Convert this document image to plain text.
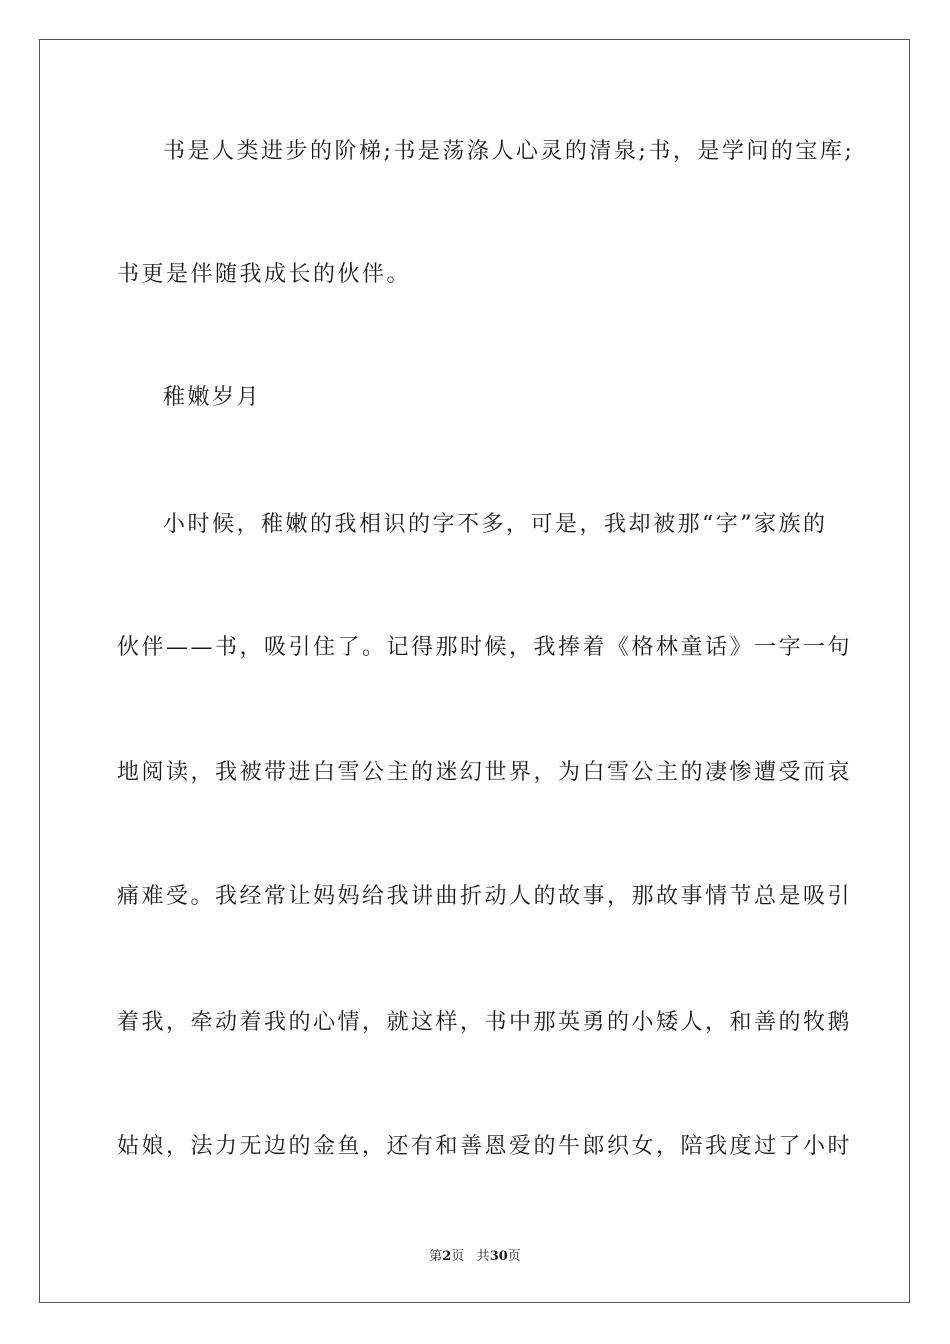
书是人类进步的阶梯;书是荡涤人心灵的清泉;书，是学问的宝库;
书更是伴随我成长的伙伴。
稚嫩岁月
小时候，稚嫩的我相识的字不多，可是，我却被那“字”家族的
伙伴——书，吸引住了。记得那时候，我捧着《格林童话》一字一句
地阅读，我被带进白雪公主的迷幻世界，为白雪公主的凄惨遭受而哀
痛难受。我经常让妈妈给我讲曲折动人的故事，那故事情节总是吸引
着我，牵动着我的心情，就这样，书中那英勇的小矮人，和善的牧鹅
姑娘，法力无边的金鱼，还有和善恩爱的牛郎织女，陪我度过了小时
第2页 共30页
